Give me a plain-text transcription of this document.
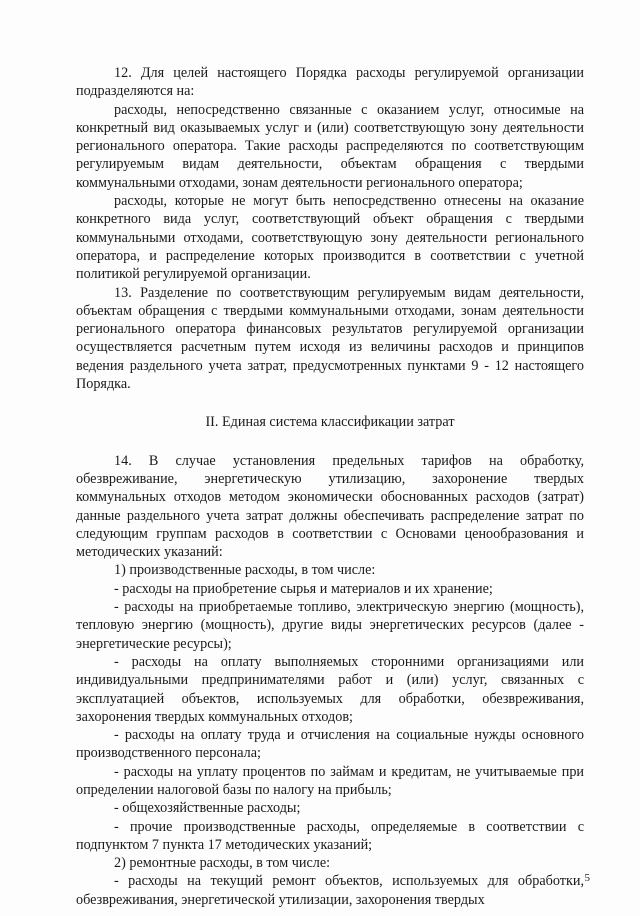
12. Для целей настоящего Порядка расходы регулируемой организации подразделяются на:

расходы, непосредственно связанные с оказанием услуг, относимые на конкретный вид оказываемых услуг и (или) соответствующую зону деятельности регионального оператора. Такие расходы распределяются по соответствующим регулируемым видам деятельности, объектам обращения с твердыми коммунальными отходами, зонам деятельности регионального оператора;

расходы, которые не могут быть непосредственно отнесены на оказание конкретного вида услуг, соответствующий объект обращения с твердыми коммунальными отходами, соответствующую зону деятельности регионального оператора, и распределение которых производится в соответствии с учетной политикой регулируемой организации.

13. Разделение по соответствующим регулируемым видам деятельности, объектам обращения с твердыми коммунальными отходами, зонам деятельности регионального оператора финансовых результатов регулируемой организации осуществляется расчетным путем исходя из величины расходов и принципов ведения раздельного учета затрат, предусмотренных пунктами 9 - 12 настоящего Порядка.

II. Единая система классификации затрат

14. В случае установления предельных тарифов на обработку, обезвреживание, энергетическую утилизацию, захоронение твердых коммунальных отходов методом экономически обоснованных расходов (затрат) данные раздельного учета затрат должны обеспечивать распределение затрат по следующим группам расходов в соответствии с Основами ценообразования и методических указаний:

1) производственные расходы, в том числе:

- расходы на приобретение сырья и материалов и их хранение;

- расходы на приобретаемые топливо, электрическую энергию (мощность), тепловую энергию (мощность), другие виды энергетических ресурсов (далее - энергетические ресурсы);

- расходы на оплату выполняемых сторонними организациями или индивидуальными предпринимателями работ и (или) услуг, связанных с эксплуатацией объектов, используемых для обработки, обезвреживания, захоронения твердых коммунальных отходов;

- расходы на оплату труда и отчисления на социальные нужды основного производственного персонала;

- расходы на уплату процентов по займам и кредитам, не учитываемые при определении налоговой базы по налогу на прибыль;

- общехозяйственные расходы;

- прочие производственные расходы, определяемые в соответствии с подпунктом 7 пункта 17 методических указаний;

2) ремонтные расходы, в том числе:

- расходы на текущий ремонт объектов, используемых для обработки, обезвреживания, энергетической утилизации, захоронения твердых

5
